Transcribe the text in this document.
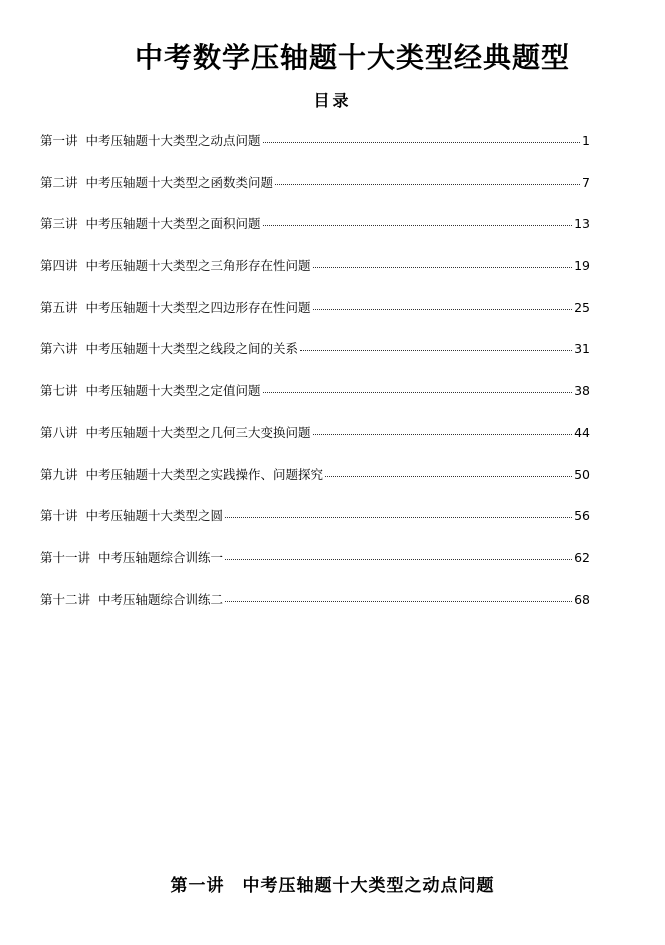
中考数学压轴题十大类型经典题型
目录
第一讲 中考压轴题十大类型之动点问题	1
第二讲 中考压轴题十大类型之函数类问题	7
第三讲 中考压轴题十大类型之面积问题	13
第四讲 中考压轴题十大类型之三角形存在性问题	19
第五讲 中考压轴题十大类型之四边形存在性问题	25
第六讲 中考压轴题十大类型之线段之间的关系	31
第七讲 中考压轴题十大类型之定值问题	38
第八讲 中考压轴题十大类型之几何三大变换问题	44
第九讲 中考压轴题十大类型之实践操作、问题探究	50
第十讲 中考压轴题十大类型之圆	56
第十一讲 中考压轴题综合训练一	62
第十二讲 中考压轴题综合训练二	68
第一讲 中考压轴题十大类型之动点问题
